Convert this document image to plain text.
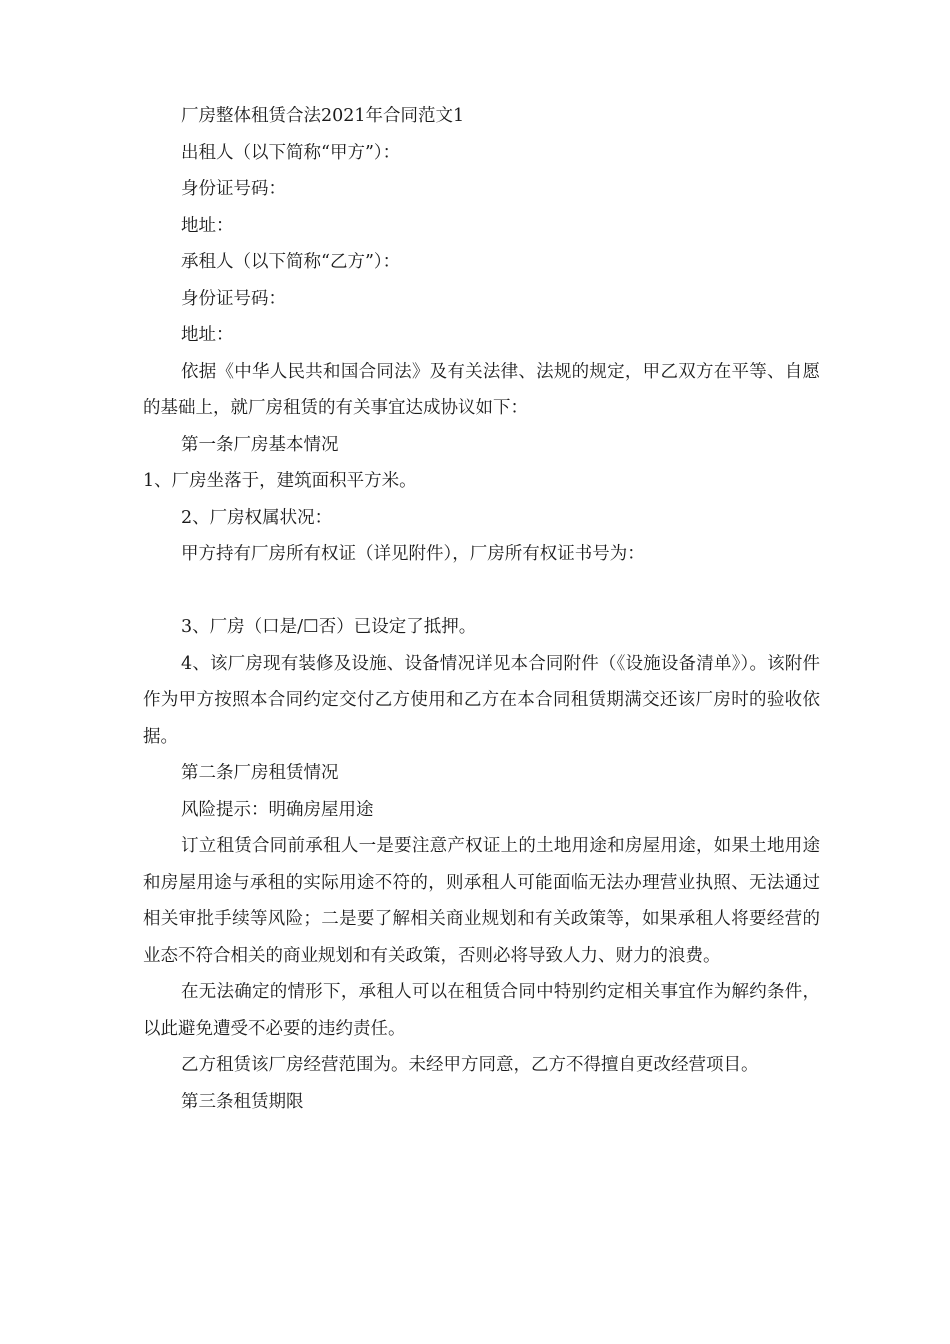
厂房整体租赁合法2021年合同范文1

出租人（以下简称“甲方”）：

身份证号码：

地址：

承租人（以下简称“乙方”）：

身份证号码：

地址：

依据《中华人民共和国合同法》及有关法律、法规的规定，甲乙双方在平等、自愿的基础上，就厂房租赁的有关事宜达成协议如下：

第一条厂房基本情况

1、厂房坐落于，建筑面积平方米。

2、厂房权属状况：

甲方持有厂房所有权证（详见附件），厂房所有权证书号为：

3、厂房（口是/☐否）已设定了抵押。

4、该厂房现有装修及设施、设备情况详见本合同附件（《设施设备清单》）。该附件作为甲方按照本合同约定交付乙方使用和乙方在本合同租赁期满交还该厂房时的验收依据。

第二条厂房租赁情况

风险提示：明确房屋用途

订立租赁合同前承租人一是要注意产权证上的土地用途和房屋用途，如果土地用途和房屋用途与承租的实际用途不符的，则承租人可能面临无法办理营业执照、无法通过相关审批手续等风险；二是要了解相关商业规划和有关政策等，如果承租人将要经营的业态不符合相关的商业规划和有关政策，否则必将导致人力、财力的浪费。

在无法确定的情形下，承租人可以在租赁合同中特别约定相关事宜作为解约条件，以此避免遭受不必要的违约责任。

乙方租赁该厂房经营范围为。未经甲方同意，乙方不得擅自更改经营项目。

第三条租赁期限
